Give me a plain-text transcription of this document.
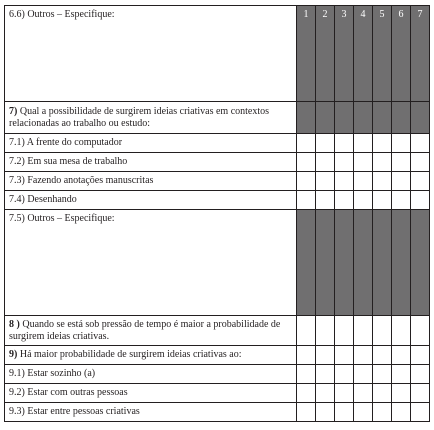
6.6) Outros – Especifique:	1	2	3	4	5	6	7

7) Qual a possibilidade de surgirem ideias criativas em contextos relacionadas ao trabalho ou estudo:							
7.1) A frente do computador							
7.2) Em sua mesa de trabalho							
7.3) Fazendo anotações manuscritas							
7.4) Desenhando							
7.5) Outros – Especifique:							
8 ) Quando se está sob pressão de tempo é maior a probabilidade de surgirem ideias criativas.							
9) Há maior probabilidade de surgirem ideias criativas ao:							
9.1) Estar sozinho (a)							
9.2) Estar com outras pessoas							
9.3) Estar entre pessoas criativas							
